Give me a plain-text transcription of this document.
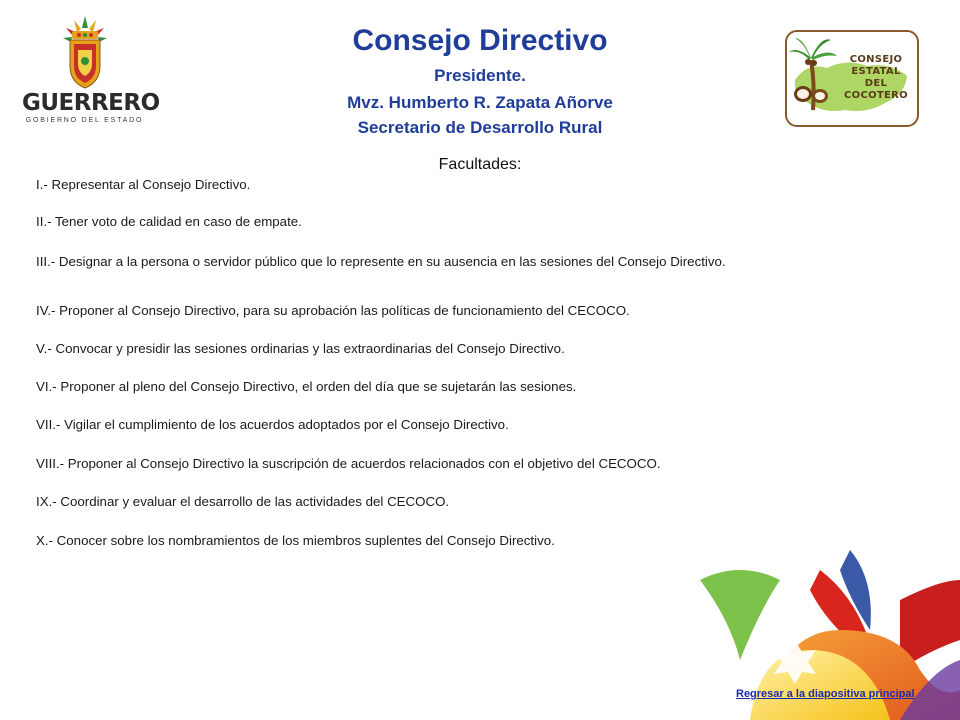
GUERRERO
GOBIERNO DEL ESTADO
Consejo Directivo
Presidente.
Mvz. Humberto R. Zapata Añorve
Secretario de Desarrollo Rural
CONSEJO
ESTATAL
DEL
COCOTERO
Facultades:
I.- Representar al Consejo Directivo.
II.- Tener voto de calidad en caso de empate.
III.- Designar a la persona o servidor público que lo represente en su ausencia en las sesiones del Consejo Directivo.
IV.- Proponer al Consejo Directivo, para su aprobación las políticas de funcionamiento del CECOCO.
V.- Convocar y presidir las sesiones ordinarias y las extraordinarias del Consejo Directivo.
VI.- Proponer al pleno del Consejo Directivo, el orden del día que se sujetarán las sesiones.
VII.- Vigilar el cumplimiento de los acuerdos adoptados por el Consejo Directivo.
VIII.- Proponer al Consejo Directivo la suscripción de acuerdos relacionados con el objetivo del CECOCO.
IX.- Coordinar y evaluar el desarrollo de las actividades del CECOCO.
X.- Conocer sobre los nombramientos de los miembros suplentes del Consejo Directivo.
Regresar a la diapositiva principal
